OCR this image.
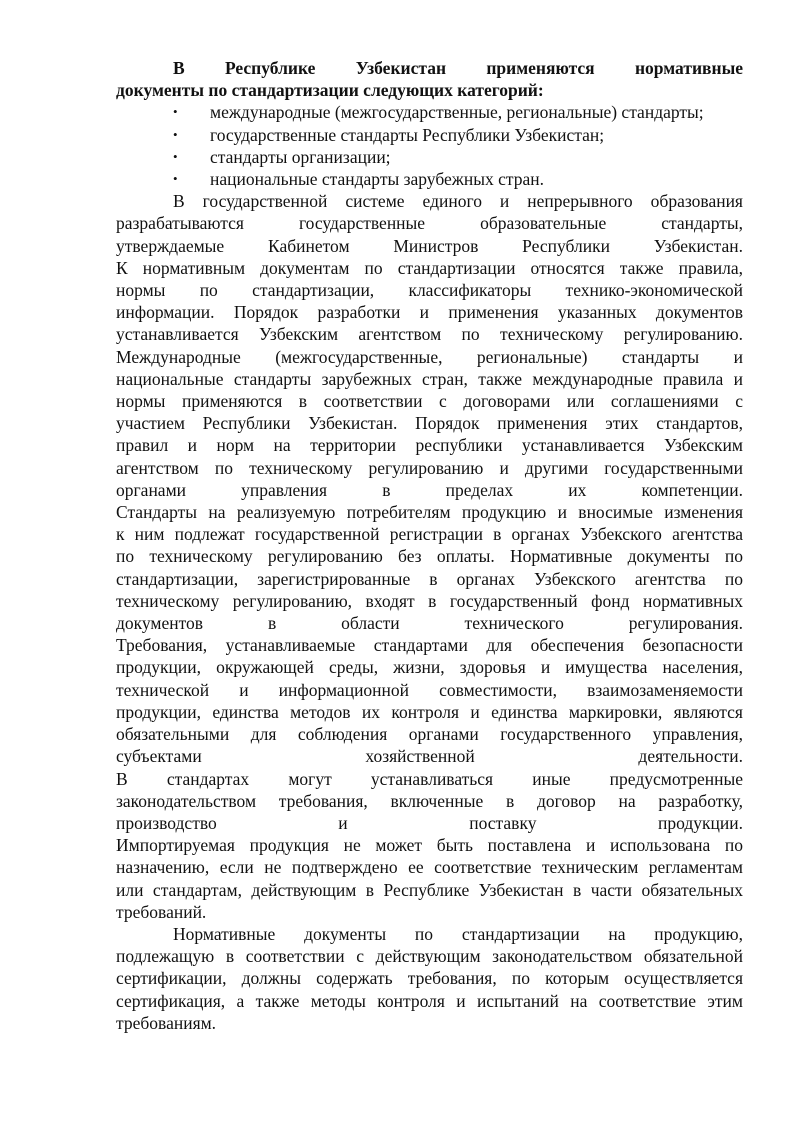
В Республике Узбекистан применяются нормативные
документы по стандартизации следующих категорий:
• международные (межгосударственные, региональные) стандарты;
• государственные стандарты Республики Узбекистан;
• стандарты организации;
• национальные стандарты зарубежных стран.
В государственной системе единого и непрерывного образования
разрабатываются государственные образовательные стандарты,
утверждаемые Кабинетом Министров Республики Узбекистан.
К нормативным документам по стандартизации относятся также правила,
нормы по стандартизации, классификаторы технико-экономической
информации. Порядок разработки и применения указанных документов
устанавливается Узбекским агентством по техническому регулированию.
Международные (межгосударственные, региональные) стандарты и
национальные стандарты зарубежных стран, также международные правила и
нормы применяются в соответствии с договорами или соглашениями с
участием Республики Узбекистан. Порядок применения этих стандартов,
правил и норм на территории республики устанавливается Узбекским
агентством по техническому регулированию и другими государственными
органами управления в пределах их компетенции.
Стандарты на реализуемую потребителям продукцию и вносимые изменения
к ним подлежат государственной регистрации в органах Узбекского агентства
по техническому регулированию без оплаты. Нормативные документы по
стандартизации, зарегистрированные в органах Узбекского агентства по
техническому регулированию, входят в государственный фонд нормативных
документов в области технического регулирования.
Требования, устанавливаемые стандартами для обеспечения безопасности
продукции, окружающей среды, жизни, здоровья и имущества населения,
технической и информационной совместимости, взаимозаменяемости
продукции, единства методов их контроля и единства маркировки, являются
обязательными для соблюдения органами государственного управления,
субъектами хозяйственной деятельности.
В стандартах могут устанавливаться иные предусмотренные
законодательством требования, включенные в договор на разработку,
производство и поставку продукции.
Импортируемая продукция не может быть поставлена и использована по
назначению, если не подтверждено ее соответствие техническим регламентам
или стандартам, действующим в Республике Узбекистан в части обязательных
требований.
Нормативные документы по стандартизации на продукцию,
подлежащую в соответствии с действующим законодательством обязательной
сертификации, должны содержать требования, по которым осуществляется
сертификация, а также методы контроля и испытаний на соответствие этим
требованиям.
